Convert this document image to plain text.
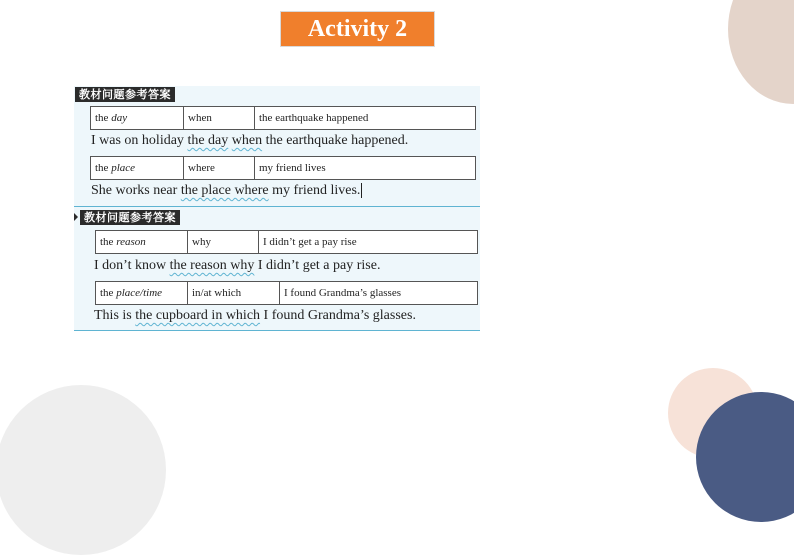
Activity 2
教材问题参考答案
the day	when	the earthquake happened
I was on holiday the day when the earthquake happened.
the place	where	my friend lives
She works near the place where my friend lives.
教材问题参考答案
the reason	why	I didn’t get a pay rise
I don’t know the reason why I didn’t get a pay rise.
the place/time	in/at which	I found Grandma’s glasses
This is the cupboard in which I found Grandma’s glasses.
